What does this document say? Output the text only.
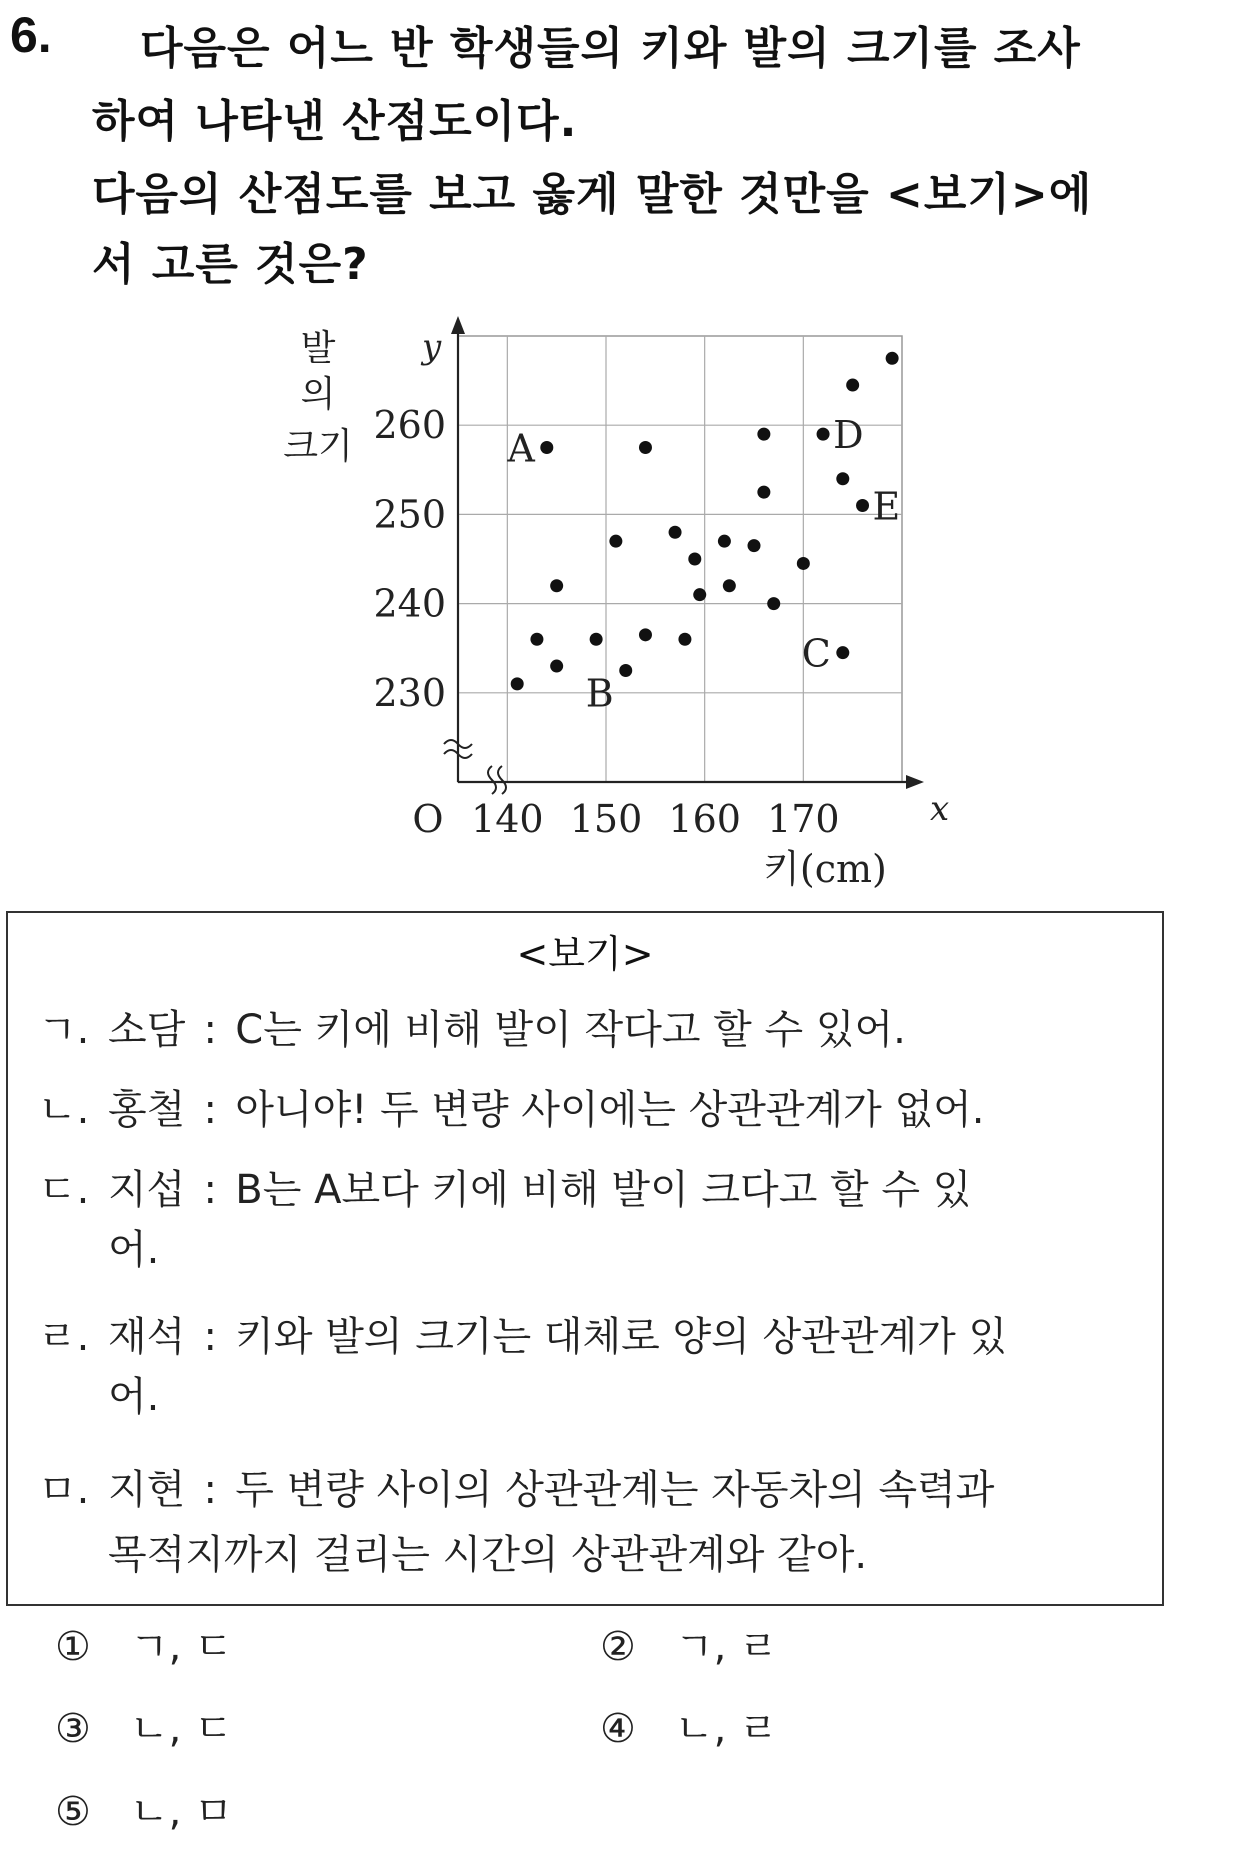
6. 다음은 어느 반 학생들의 키와 발의 크기를 조사
하여 나타낸 산점도이다.
다음의 산점도를 보고 옳게 말한 것만을 <보기>에
서 고른 것은?
140 150 160 170
230
240
250
260
O	x
y
키(cm)
발
의
크기	A
B
C
D
E
<보기>
ㄱ. 소담 : C는 키에 비해 발이 작다고 할 수 있어.
ㄴ. 홍철 : 아니야! 두 변량 사이에는 상관관계가 없어.
ㄷ. 지섭 : B는 A보다 키에 비해 발이 크다고 할 수 있
어.
ㄹ. 재석 : 키와 발의 크기는 대체로 양의 상관관계가 있
어.
ㅁ. 지현 : 두 변량 사이의 상관관계는 자동차의 속력과
목적지까지 걸리는 시간의 상관관계와 같아.
① ㄱ, ㄷ	② ㄱ, ㄹ
③ ㄴ, ㄷ	④ ㄴ, ㄹ
⑤ ㄴ, ㅁ
